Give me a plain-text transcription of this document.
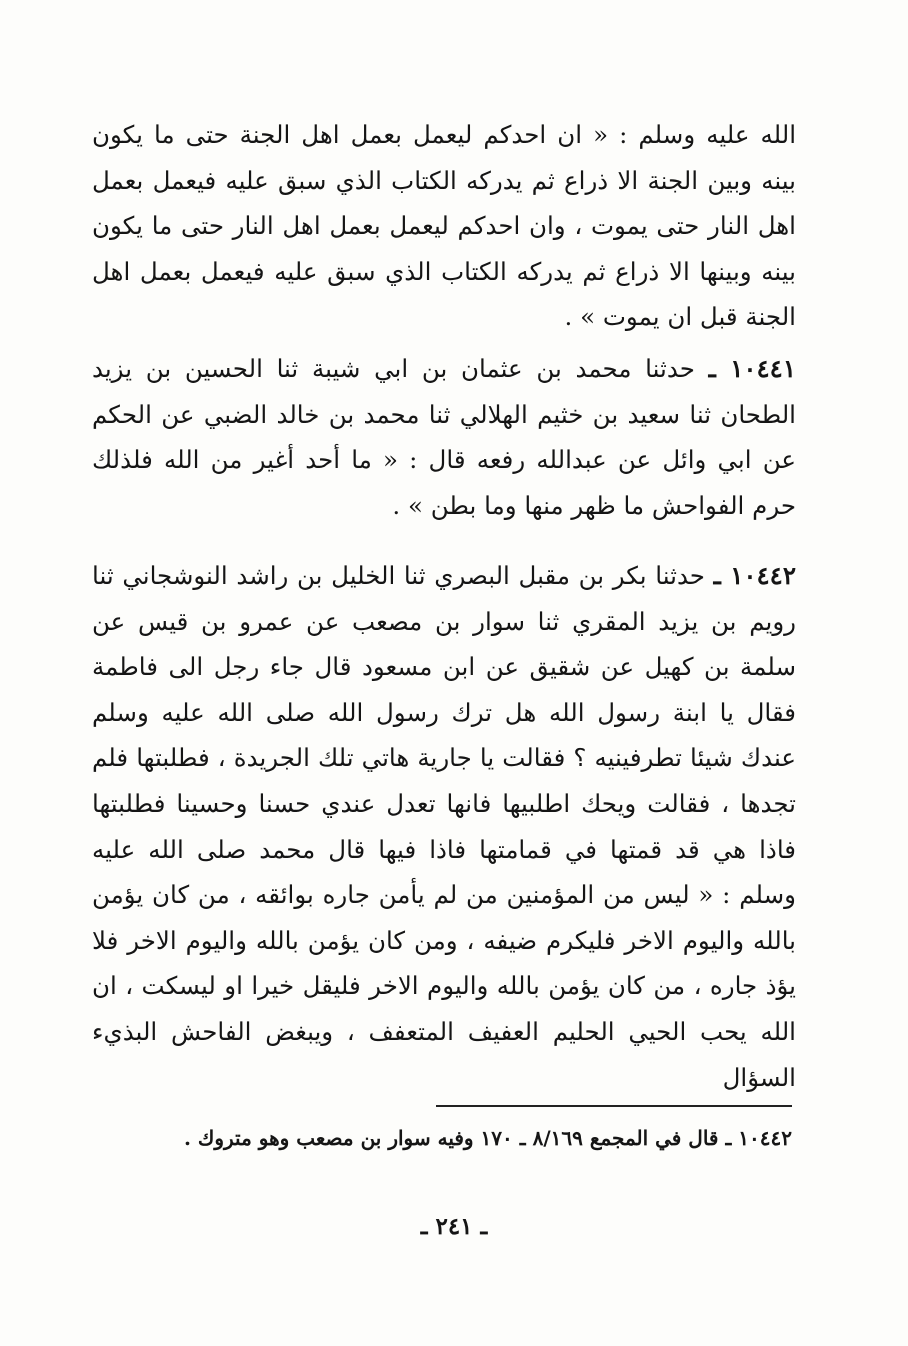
الله عليه وسلم : « ان احدكم ليعمل بعمل اهل الجنة حتى ما يكون بينه وبين الجنة الا ذراع ثم يدركه الكتاب الذي سبق عليه فيعمل بعمل اهل النار حتى يموت ، وان احدكم ليعمل بعمل اهل النار حتى ما يكون بينه وبينها الا ذراع ثم يدركه الكتاب الذي سبق عليه فيعمل بعمل اهل الجنة قبل ان يموت » .

١٠٤٤١ ـ حدثنا محمد بن عثمان بن ابي شيبة ثنا الحسين بن يزيد الطحان ثنا سعيد بن خثيم الهلالي ثنا محمد بن خالد الضبي عن الحكم عن ابي وائل عن عبدالله رفعه قال : « ما أحد أغير من الله فلذلك حرم الفواحش ما ظهر منها وما بطن » .

١٠٤٤٢ ـ حدثنا بكر بن مقبل البصري ثنا الخليل بن راشد النوشجاني ثنا رويم بن يزيد المقري ثنا سوار بن مصعب عن عمرو بن قيس عن سلمة بن كهيل عن شقيق عن ابن مسعود قال جاء رجل الى فاطمة فقال يا ابنة رسول الله هل ترك رسول الله صلى الله عليه وسلم عندك شيئا تطرفينيه ؟ فقالت يا جارية هاتي تلك الجريدة ، فطلبتها فلم تجدها ، فقالت ويحك اطلبيها فانها تعدل عندي حسنا وحسينا فطلبتها فاذا هي قد قمتها في قمامتها فاذا فيها قال محمد صلى الله عليه وسلم : « ليس من المؤمنين من لم يأمن جاره بوائقه ، من كان يؤمن بالله واليوم الاخر فليكرم ضيفه ، ومن كان يؤمن بالله واليوم الاخر فلا يؤذ جاره ، من كان يؤمن بالله واليوم الاخر فليقل خيرا او ليسكت ، ان الله يحب الحيي الحليم العفيف المتعفف ، ويبغض الفاحش البذيء السؤال

١٠٤٤٢ ـ قال في المجمع ٨/١٦٩ ـ ١٧٠ وفيه سوار بن مصعب وهو متروك .

ـ ٢٤١ ـ
